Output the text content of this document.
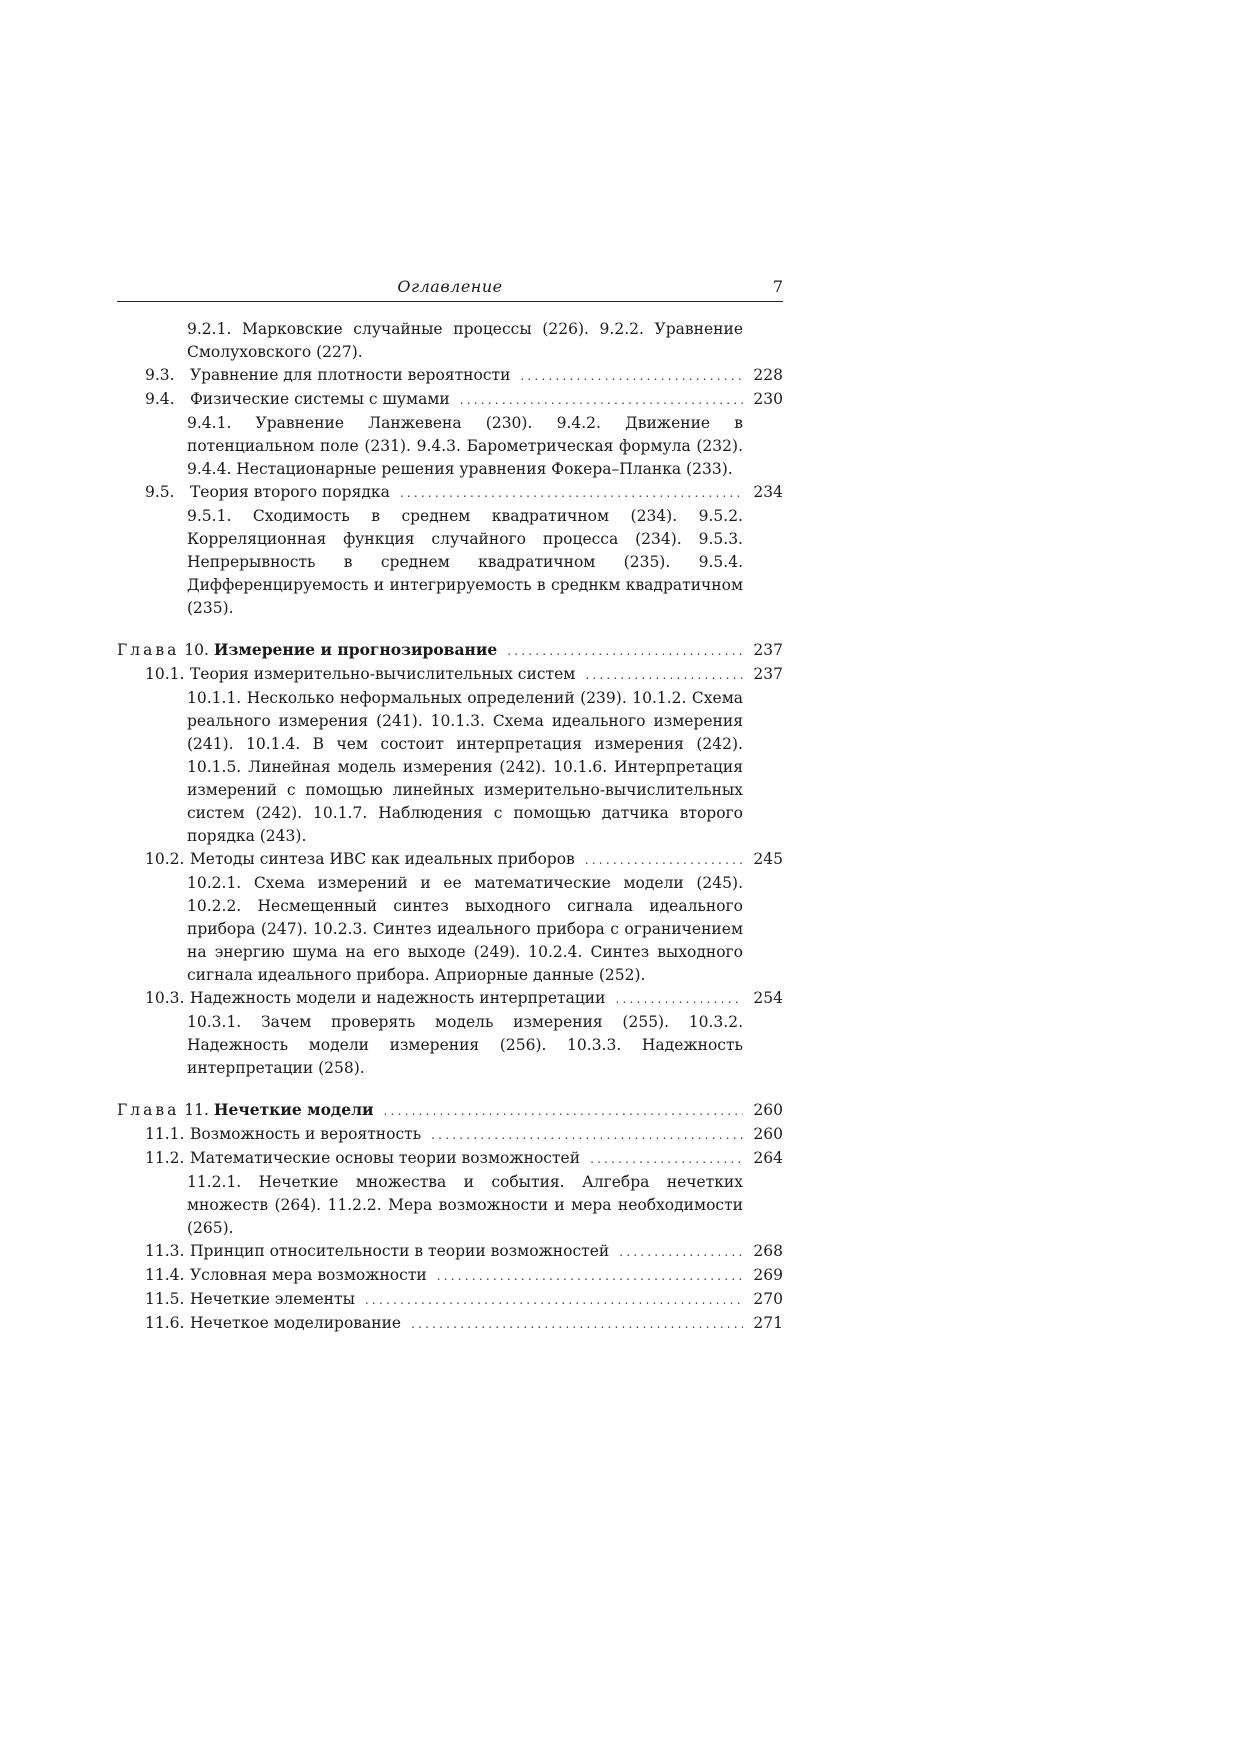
Оглавление	7
9.2.1. Марковские случайные процессы (226). 9.2.2. Уравнение Смолуховского (227).
9.3. Уравнение для плотности вероятности .....	228
9.4. Физические системы с шумами .....	230
9.4.1. Уравнение Ланжевена (230). 9.4.2. Движение в потенциальном поле (231). 9.4.3. Барометрическая формула (232). 9.4.4. Нестационарные решения уравнения Фокера–Планка (233).
9.5. Теория второго порядка .....	234
9.5.1. Сходимость в среднем квадратичном (234). 9.5.2. Корреляционная функция случайного процесса (234). 9.5.3. Непрерывность в среднем квадратичном (235). 9.5.4. Дифференцируемость и интегрируемость в среднкм квадратичном (235).
Глава 10. Измерение и прогнозирование .....	237
10.1. Теория измерительно-вычислительных систем .....	237
10.1.1. Несколько неформальных определений (239). 10.1.2. Схема реального измерения (241). 10.1.3. Схема идеального измерения (241). 10.1.4. В чем состоит интерпретация измерения (242). 10.1.5. Линейная модель измерения (242). 10.1.6. Интерпретация измерений с помощью линейных измерительно-вычислительных систем (242). 10.1.7. Наблюдения с помощью датчика второго порядка (243).
10.2. Методы синтеза ИВС как идеальных приборов .....	245
10.2.1. Схема измерений и ее математические модели (245). 10.2.2. Несмещенный синтез выходного сигнала идеального прибора (247). 10.2.3. Синтез идеального прибора с ограничением на энергию шума на его выходе (249). 10.2.4. Синтез выходного сигнала идеального прибора. Априорные данные (252).
10.3. Надежность модели и надежность интерпретации .....	254
10.3.1. Зачем проверять модель измерения (255). 10.3.2. Надежность модели измерения (256). 10.3.3. Надежность интерпретации (258).
Глава 11. Нечеткие модели .....	260
11.1. Возможность и вероятность .....	260
11.2. Математические основы теории возможностей .....	264
11.2.1. Нечеткие множества и события. Алгебра нечетких множеств (264). 11.2.2. Мера возможности и мера необходимости (265).
11.3. Принцип относительности в теории возможностей .....	268
11.4. Условная мера возможности .....	269
11.5. Нечеткие элементы .....	270
11.6. Нечеткое моделирование .....	271
